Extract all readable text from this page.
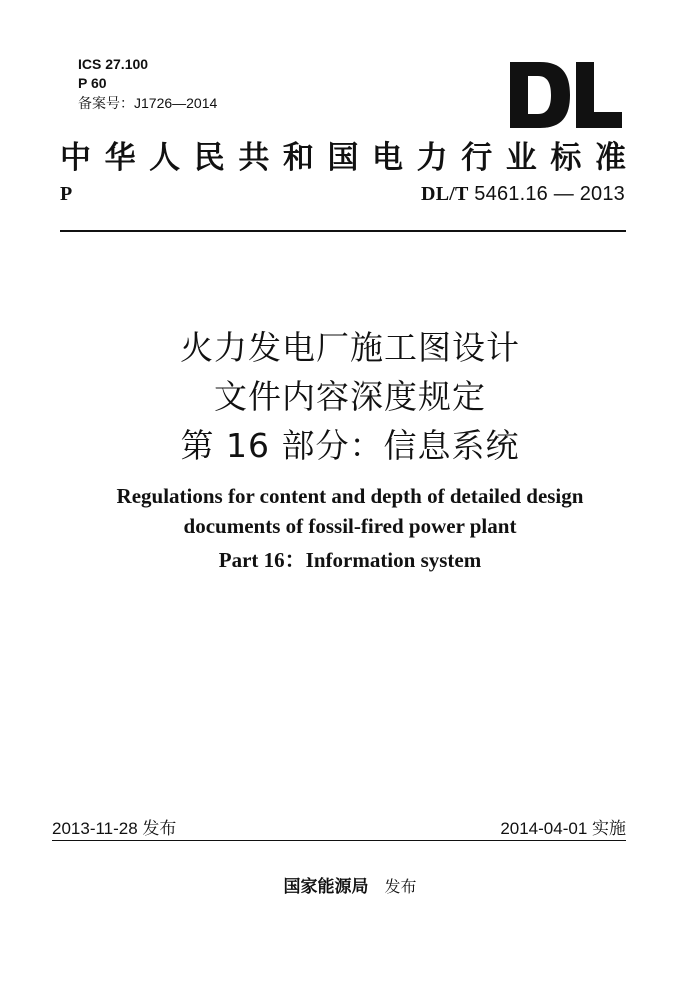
ICS 27.100
P 60
备案号：J1726—2014
中 华 人 民 共 和 国 电 力 行 业 标 准
P	DL/T 5461.16 — 2013
火力发电厂施工图设计
文件内容深度规定
第 16 部分：信息系统
Regulations for content and depth of detailed design
documents of fossil-fired power plant
Part 16：Information system
2013-11-28 发布	2014-04-01 实施
国家能源局 发布
